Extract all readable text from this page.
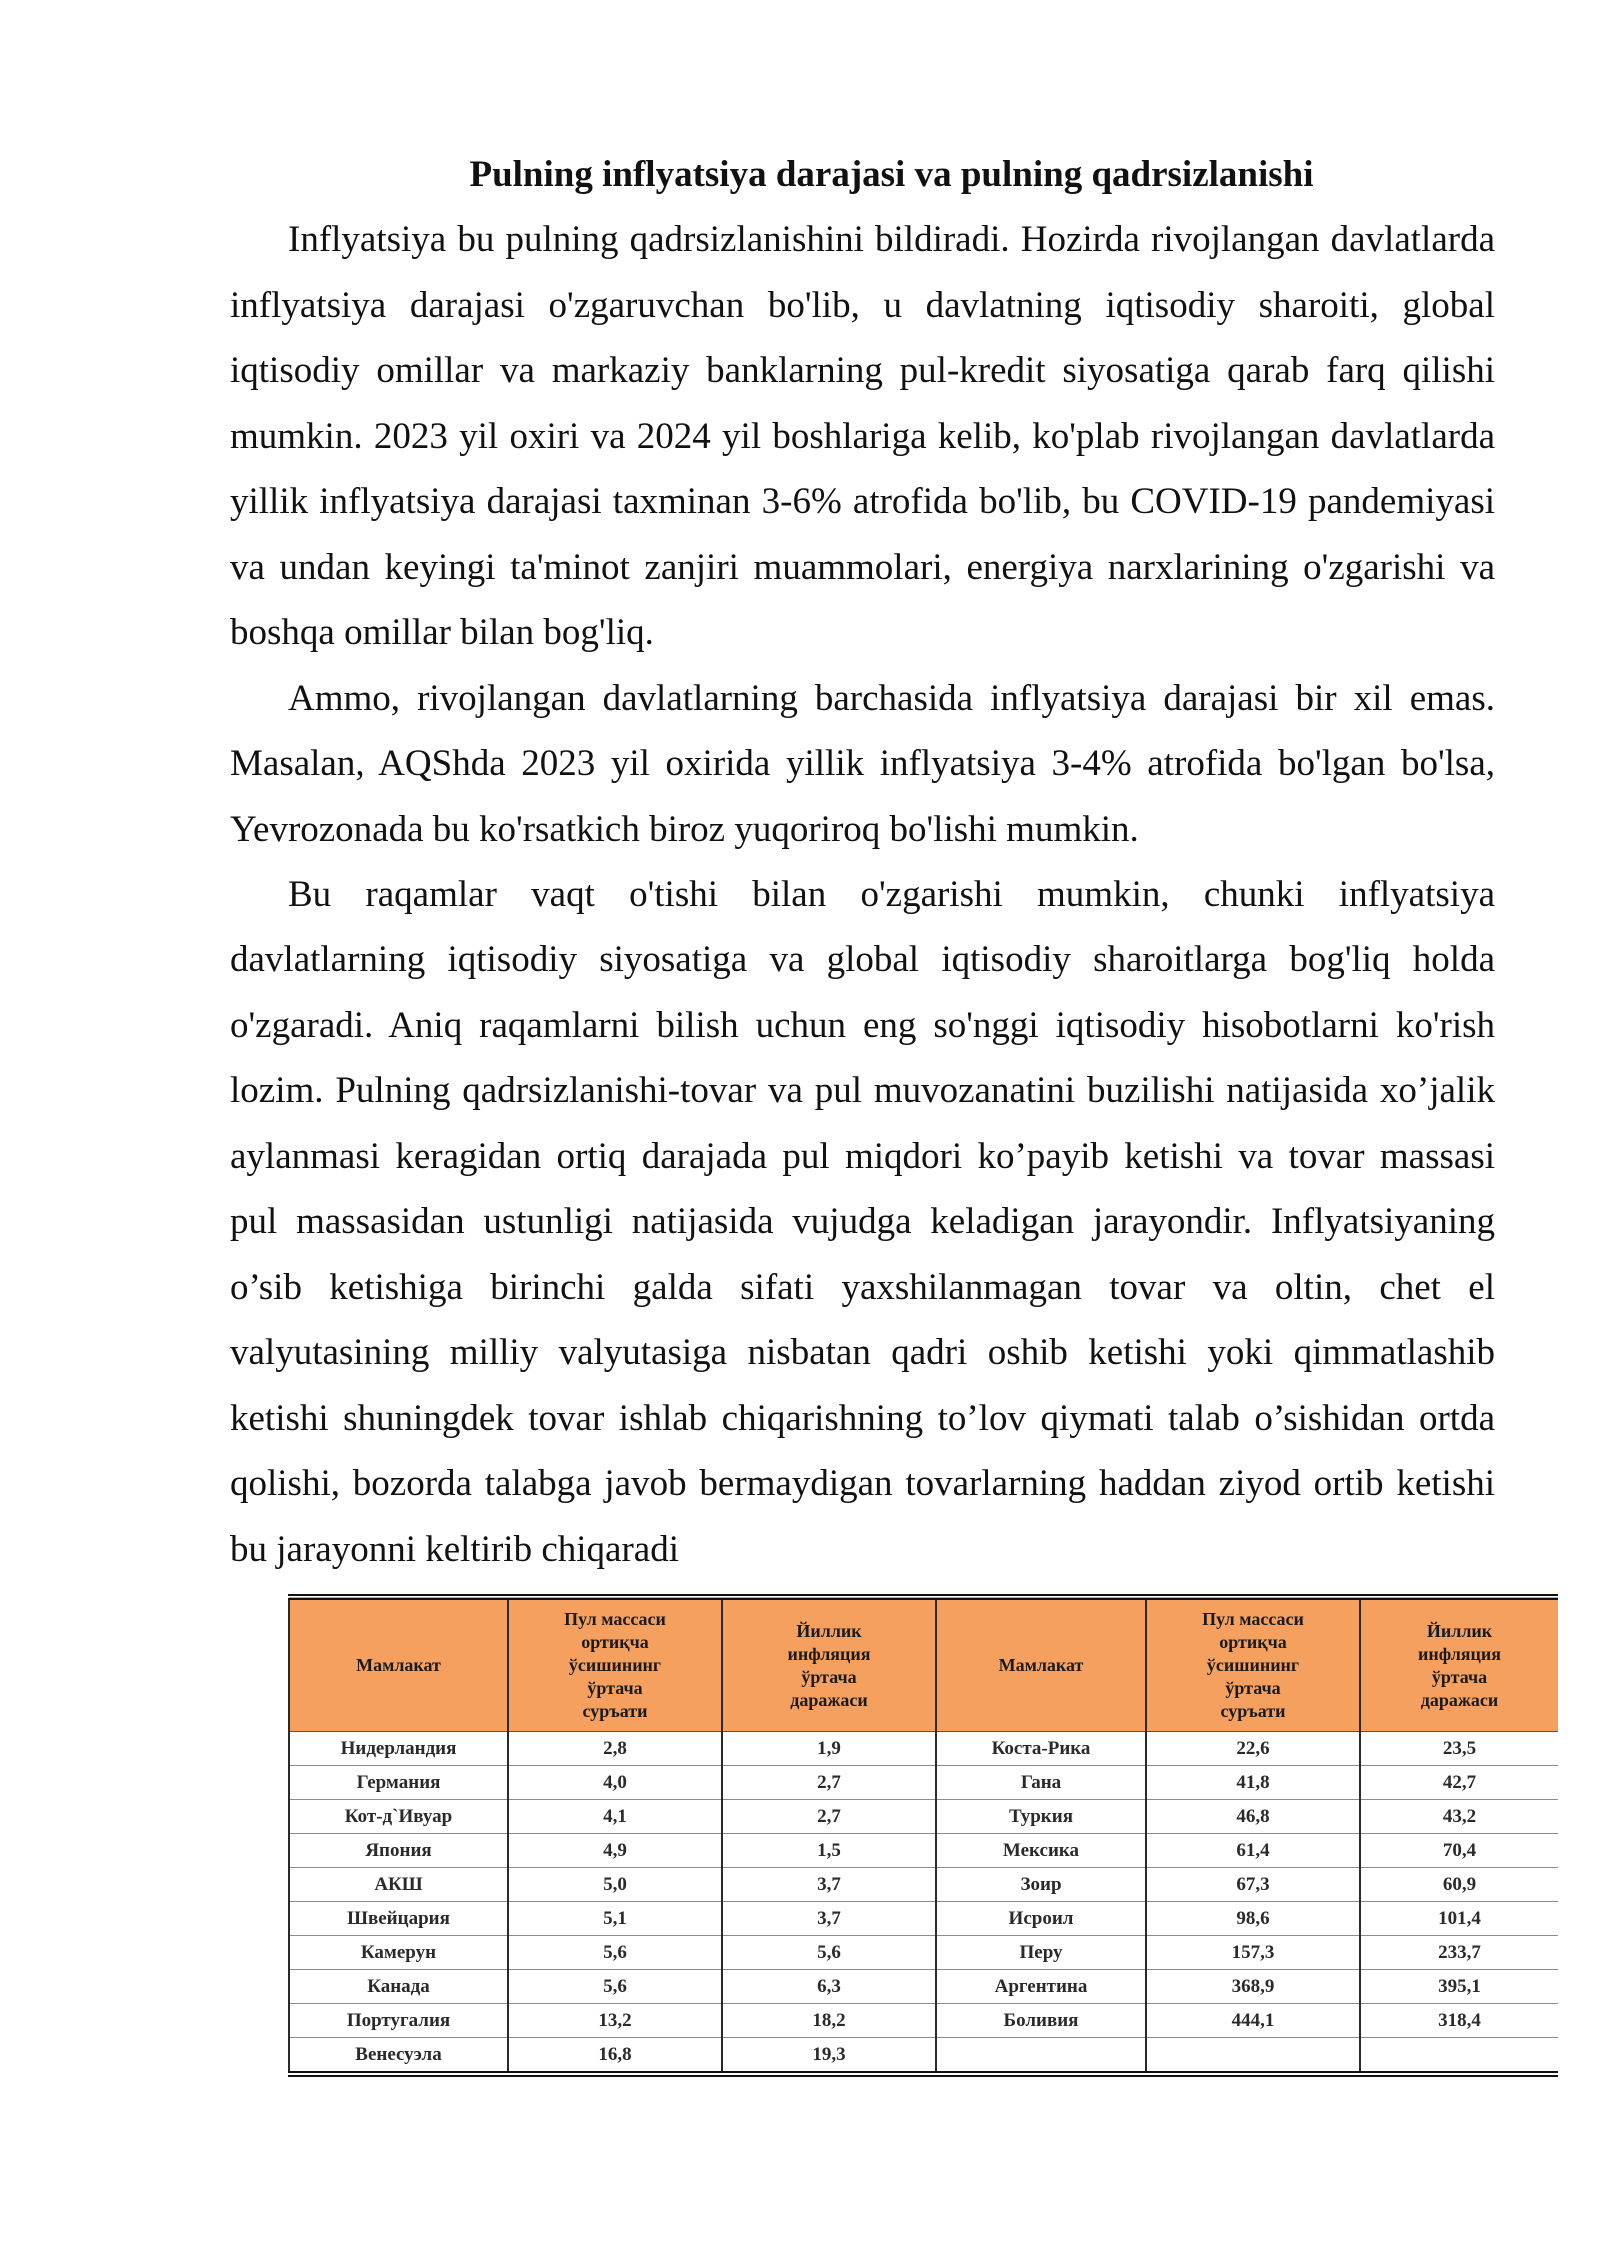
Pulning inflyatsiya darajasi va pulning qadrsizlanishi
Inflyatsiya bu pulning qadrsizlanishini bildiradi. Hozirda rivojlangan davlatlarda
inflyatsiya darajasi o'zgaruvchan bo'lib, u davlatning iqtisodiy sharoiti, global
iqtisodiy omillar va markaziy banklarning pul-kredit siyosatiga qarab farq qilishi
mumkin. 2023 yil oxiri va 2024 yil boshlariga kelib, ko'plab rivojlangan davlatlarda
yillik inflyatsiya darajasi taxminan 3-6% atrofida bo'lib, bu COVID-19 pandemiyasi
va undan keyingi ta'minot zanjiri muammolari, energiya narxlarining o'zgarishi va
boshqa omillar bilan bog'liq.
Ammo, rivojlangan davlatlarning barchasida inflyatsiya darajasi bir xil emas.
Masalan, AQShda 2023 yil oxirida yillik inflyatsiya 3-4% atrofida bo'lgan bo'lsa,
Yevrozonada bu ko'rsatkich biroz yuqoriroq bo'lishi mumkin.
Bu raqamlar vaqt o'tishi bilan o'zgarishi mumkin, chunki inflyatsiya
davlatlarning iqtisodiy siyosatiga va global iqtisodiy sharoitlarga bog'liq holda
o'zgaradi. Aniq raqamlarni bilish uchun eng so'nggi iqtisodiy hisobotlarni ko'rish
lozim. Pulning qadrsizlanishi-tovar va pul muvozanatini buzilishi natijasida xo’jalik
aylanmasi keragidan ortiq darajada pul miqdori ko’payib ketishi va tovar massasi
pul massasidan ustunligi natijasida vujudga keladigan jarayondir. Inflyatsiyaning
o’sib ketishiga birinchi galda sifati yaxshilanmagan tovar va oltin, chet el
valyutasining milliy valyutasiga nisbatan qadri oshib ketishi yoki qimmatlashib
ketishi shuningdek tovar ishlab chiqarishning to’lov qiymati talab o’sishidan ortda
qolishi, bozorda talabga javob bermaydigan tovarlarning haddan ziyod ortib ketishi
bu jarayonni keltirib chiqaradi
Мамлакат	Пул массаси
ортиқча
ўсишининг
ўртача
суръати	Йиллик
инфляция
ўртача
даражаси	Мамлакат	Пул массаси
ортиқча
ўсишининг
ўртача
суръати	Йиллик
инфляция
ўртача
даражаси

Нидерландия	2,8	1,9	Коста-Рика	22,6	23,5
Германия	4,0	2,7	Гана	41,8	42,7
Кот-д`Ивуар	4,1	2,7	Туркия	46,8	43,2
Япония	4,9	1,5	Мексика	61,4	70,4
АКШ	5,0	3,7	Зоир	67,3	60,9
Швейцария	5,1	3,7	Исроил	98,6	101,4
Камерун	5,6	5,6	Перу	157,3	233,7
Канада	5,6	6,3	Аргентина	368,9	395,1
Португалия	13,2	18,2	Боливия	444,1	318,4
Венесуэла	16,8	19,3			
